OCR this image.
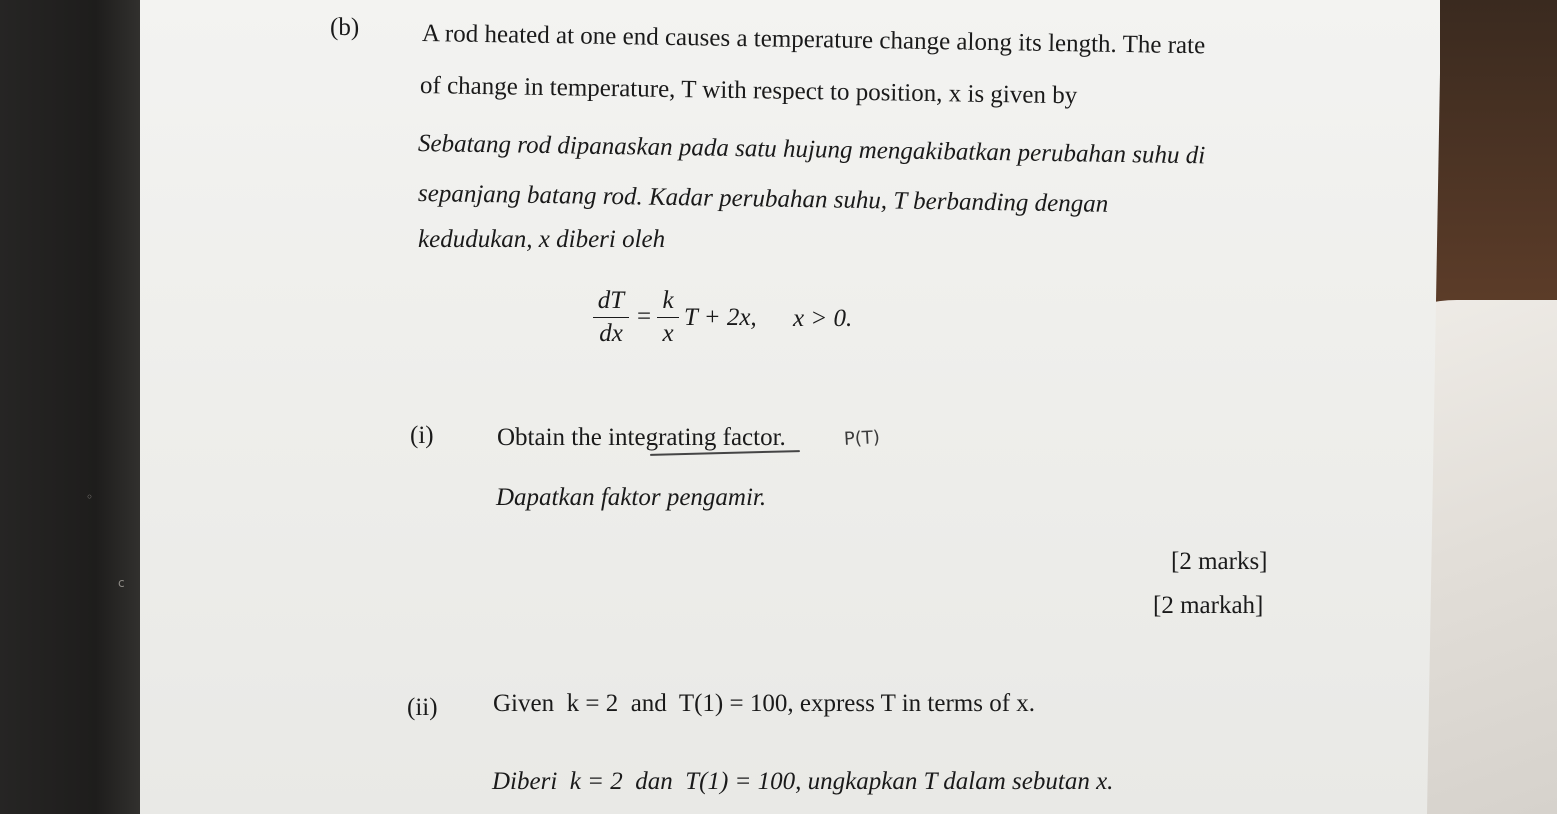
◦
c
(b)	A rod heated at one end causes a temperature change along its length. The rate
of change in temperature, T with respect to position, x is given by
Sebatang rod dipanaskan pada satu hujung mengakibatkan perubahan suhu di
sepanjang batang rod. Kadar perubahan suhu, T berbanding dengan
kedudukan, x diberi oleh
dT
dx
=
k
x
T + 2x, x > 0.
(i)	Obtain the integrating factor.	P(T)
Dapatkan faktor pengamir.
[2 marks]
[2 markah]
(ii) Given  k = 2  and  T(1) = 100, express T in terms of x.
Diberi  k = 2  dan  T(1) = 100, ungkapkan T dalam sebutan x.
